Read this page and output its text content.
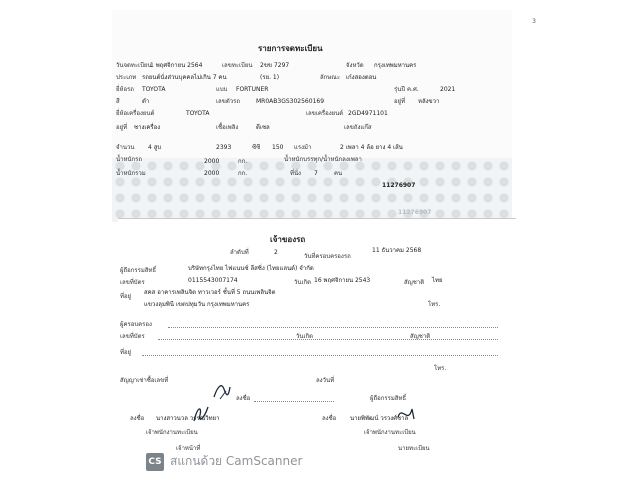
3
รายการจดทะเบียน
วันจดทะเบียน
1 พฤศจิกายน 2564	เลขทะเบียน 2ขข 7297	จังหวัด กรุงเทพมหานคร
ประเภท รถยนต์นั่งส่วนบุคคลไม่เกิน 7 คน	(รย. 1)	ลักษณะ เก๋งสองตอน
ยี่ห้อรถ TOYOTA	แบบ FORTUNER	รุ่นปี ค.ศ.	2021
สี	ดำ	เลขตัวรถ	MR0AB3GS302560169	อยู่ที่ หลังขวา
ยี่ห้อเครื่องยนต์	TOYOTA	เลขเครื่องยนต์ 2GD4971101
อยู่ที่ ซางเครื่อง	เชื้อเพลิง	ดีเซล	เลขถังแก๊ส
จำนวน 4 สูบ	2393	ซีซี 150 แรงม้า	2 เพลา 4 ล้อ ยาง 4 เส้น
น้ำหนักรถ	2000	กก.	น้ำหนักบรรทุก/น้ำหนักลงเพลา
น้ำหนักรวม	2000	กก.	ที่นั่ง 7	คน
11276907
11276907
เจ้าของรถ
ลำดับที่	2
วันที่ครอบครองรถ
11 ธันวาคม 2568
ผู้ถือกรรมสิทธิ์	บริษัทกรุงไทย ไฟแนนซ์ ลีสซิ่ง (ไทยแลนด์) จำกัด
เลขที่บัตร	0115543007174	วันเกิด 16 พฤศจิกายน 2543	สัญชาติ ไทย
ที่อยู่
สคส อาคารเพลินจิต ทาวเวอร์ ชั้นที่ 5 ถนนเพลินจิต
แขวงลุมพินี เขตปทุมวัน กรุงเทพมหานคร	โทร.
ผู้ครอบครอง
เลขที่บัตร	วันเกิด	สัญชาติ
ที่อยู่
โทร.
สัญญาเช่าซื้อเลขที่	ลงวันที่
ลงชื่อ	ผู้ถือกรรมสิทธิ์
ลงชื่อ นางสาวนวล วรรณวิทยา
เจ้าพนักงานทะเบียน
ลงชื่อ นายพิพัฒน์ วรวงศ์ชาล
เจ้าพนักงานทะเบียน
เจ้าหน้าที่	นายทะเบียน
CS สแกนด้วย CamScanner
